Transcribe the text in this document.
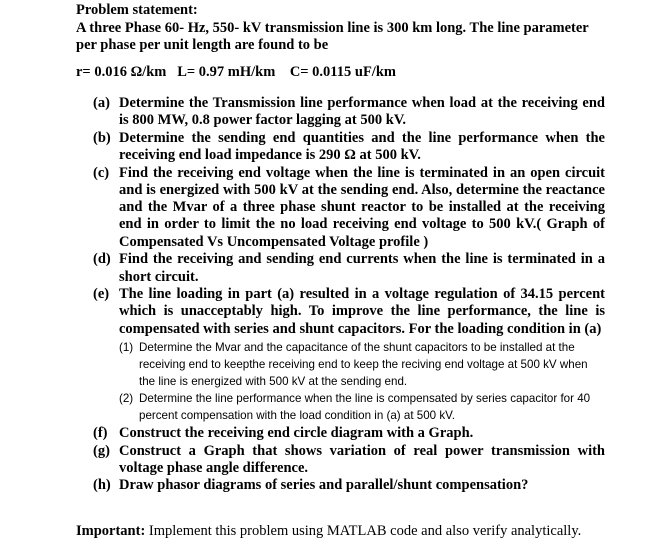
Problem statement:
A three Phase 60- Hz, 550- kV transmission line is 300 km long. The line parameter per phase per unit length are found to be
r= 0.016 Ω/km L= 0.97 mH/km C= 0.0115 uF/km
(a) Determine the Transmission line performance when load at the receiving end is 800 MW, 0.8 power factor lagging at 500 kV.
(b) Determine the sending end quantities and the line performance when the receiving end load impedance is 290 Ω at 500 kV.
(c) Find the receiving end voltage when the line is terminated in an open circuit and is energized with 500 kV at the sending end. Also, determine the reactance and the Mvar of a three phase shunt reactor to be installed at the receiving end in order to limit the no load receiving end voltage to 500 kV.( Graph of Compensated Vs Uncompensated Voltage profile )
(d) Find the receiving and sending end currents when the line is terminated in a short circuit.
(e) The line loading in part (a) resulted in a voltage regulation of 34.15 percent which is unacceptably high. To improve the line performance, the line is compensated with series and shunt capacitors. For the loading condition in (a)
(1) Determine the Mvar and the capacitance of the shunt capacitors to be installed at the receiving end to keepthe receiving end to keep the reciving end voltage at 500 kV when the line is energized with 500 kV at the sending end.
(2) Determine the line performance when the line is compensated by series capacitor for 40 percent compensation with the load condition in (a) at 500 kV.
(f) Construct the receiving end circle diagram with a Graph.
(g) Construct a Graph that shows variation of real power transmission with voltage phase angle difference.
(h) Draw phasor diagrams of series and parallel/shunt compensation?
Important: Implement this problem using MATLAB code and also verify analytically.
